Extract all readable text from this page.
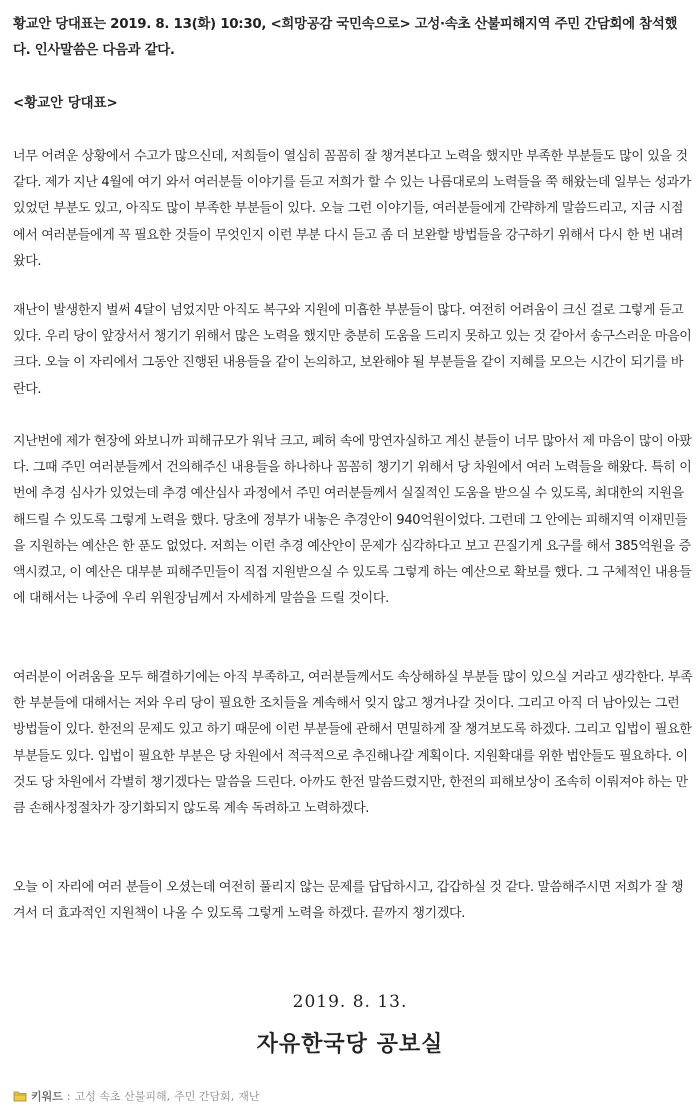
황교안 당대표는 2019. 8. 13(화) 10:30, <희망공감 국민속으로> 고성·속초 산불피해지역 주민 간담회에 참석했다. 인사말씀은 다음과 같다.

<황교안 당대표>

너무 어려운 상황에서 수고가 많으신데, 저희들이 열심히 꼼꼼히 잘 챙겨본다고 노력을 했지만 부족한 부분들도 많이 있을 것 같다. 제가 지난 4월에 여기 와서 여러분들 이야기를 듣고 저희가 할 수 있는 나름대로의 노력들을 쭉 해왔는데 일부는 성과가 있었던 부분도 있고, 아직도 많이 부족한 부분들이 있다. 오늘 그런 이야기들, 여러분들에게 간략하게 말씀드리고, 지금 시점에서 여러분들에게 꼭 필요한 것들이 무엇인지 이런 부분 다시 듣고 좀 더 보완할 방법들을 강구하기 위해서 다시 한 번 내려왔다.

재난이 발생한지 벌써 4달이 넘었지만 아직도 복구와 지원에 미흡한 부분들이 많다. 여전히 어려움이 크신 걸로 그렇게 듣고 있다. 우리 당이 앞장서서 챙기기 위해서 많은 노력을 했지만 충분히 도움을 드리지 못하고 있는 것 같아서 송구스러운 마음이 크다. 오늘 이 자리에서 그동안 진행된 내용들을 같이 논의하고, 보완해야 될 부분들을 같이 지혜를 모으는 시간이 되기를 바란다.

지난번에 제가 현장에 와보니까 피해규모가 워낙 크고, 폐허 속에 망연자실하고 계신 분들이 너무 많아서 제 마음이 많이 아팠다. 그때 주민 여러분들께서 건의해주신 내용들을 하나하나 꼼꼼히 챙기기 위해서 당 차원에서 여러 노력들을 해왔다. 특히 이번에 추경 심사가 있었는데 추경 예산심사 과정에서 주민 여러분들께서 실질적인 도움을 받으실 수 있도록, 최대한의 지원을 해드릴 수 있도록 그렇게 노력을 했다. 당초에 정부가 내놓은 추경안이 940억원이었다. 그런데 그 안에는 피해지역 이재민들을 지원하는 예산은 한 푼도 없었다. 저희는 이런 추경 예산안이 문제가 심각하다고 보고 끈질기게 요구를 해서 385억원을 증액시켰고, 이 예산은 대부분 피해주민들이 직접 지원받으실 수 있도록 그렇게 하는 예산으로 확보를 했다. 그 구체적인 내용들에 대해서는 나중에 우리 위원장님께서 자세하게 말씀을 드릴 것이다.

여러분이 어려움을 모두 해결하기에는 아직 부족하고, 여러분들께서도 속상해하실 부분들 많이 있으실 거라고 생각한다. 부족한 부분들에 대해서는 저와 우리 당이 필요한 조치들을 계속해서 잊지 않고 챙겨나갈 것이다. 그리고 아직 더 남아있는 그런 방법들이 있다. 한전의 문제도 있고 하기 때문에 이런 부분들에 관해서 면밀하게 잘 챙겨보도록 하겠다. 그리고 입법이 필요한 부분들도 있다. 입법이 필요한 부분은 당 차원에서 적극적으로 추진해나갈 계획이다. 지원확대를 위한 법안들도 필요하다. 이것도 당 차원에서 각별히 챙기겠다는 말씀을 드린다. 아까도 한전 말씀드렸지만, 한전의 피해보상이 조속히 이뤄져야 하는 만큼 손해사정절차가 장기화되지 않도록 계속 독려하고 노력하겠다.

오늘 이 자리에 여러 분들이 오셨는데 여전히 풀리지 않는 문제를 답답하시고, 갑갑하실 것 같다. 말씀해주시면 저희가 잘 챙겨서 더 효과적인 지원책이 나올 수 있도록 그렇게 노력을 하겠다. 끝까지 챙기겠다.

2019. 8. 13.

자유한국당 공보실

키워드 : 고성 속초 산불피해 , 주민 간담회 , 재난
